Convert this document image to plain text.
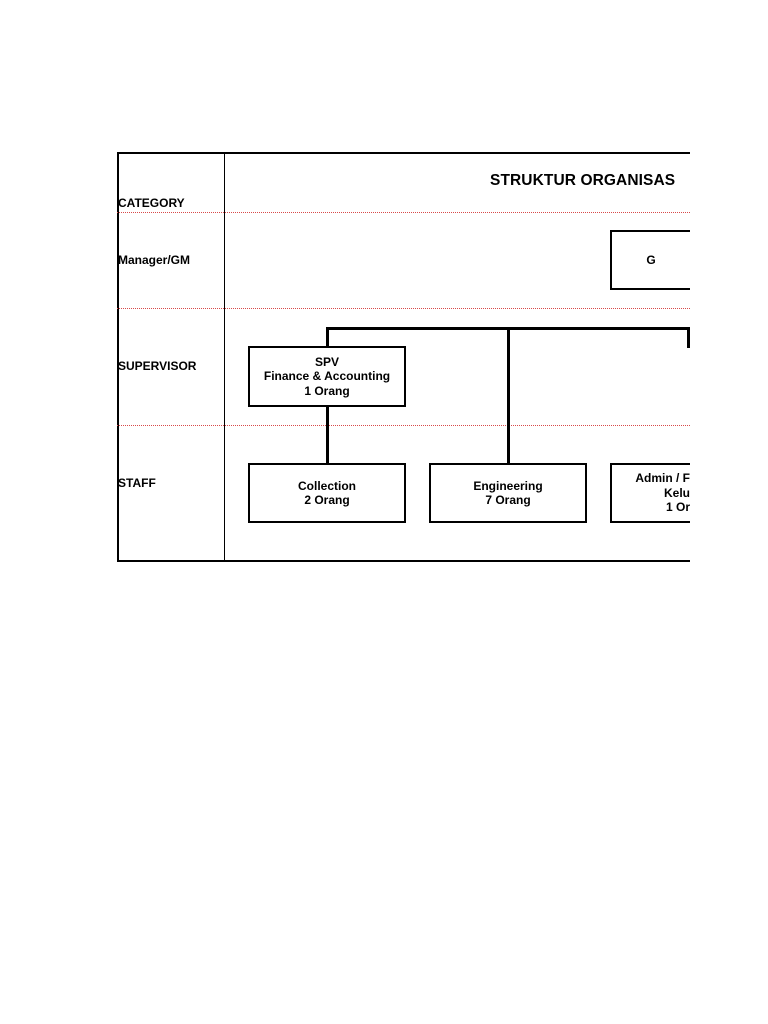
CATEGORY
Manager/GM
SUPERVISOR
STAFF
STRUKTUR ORGANISAS
G
SPV
Finance & Accounting
1 Orang
Collection
2 Orang
Engineering
7 Orang
Admin / F
Kelu
1 Or
